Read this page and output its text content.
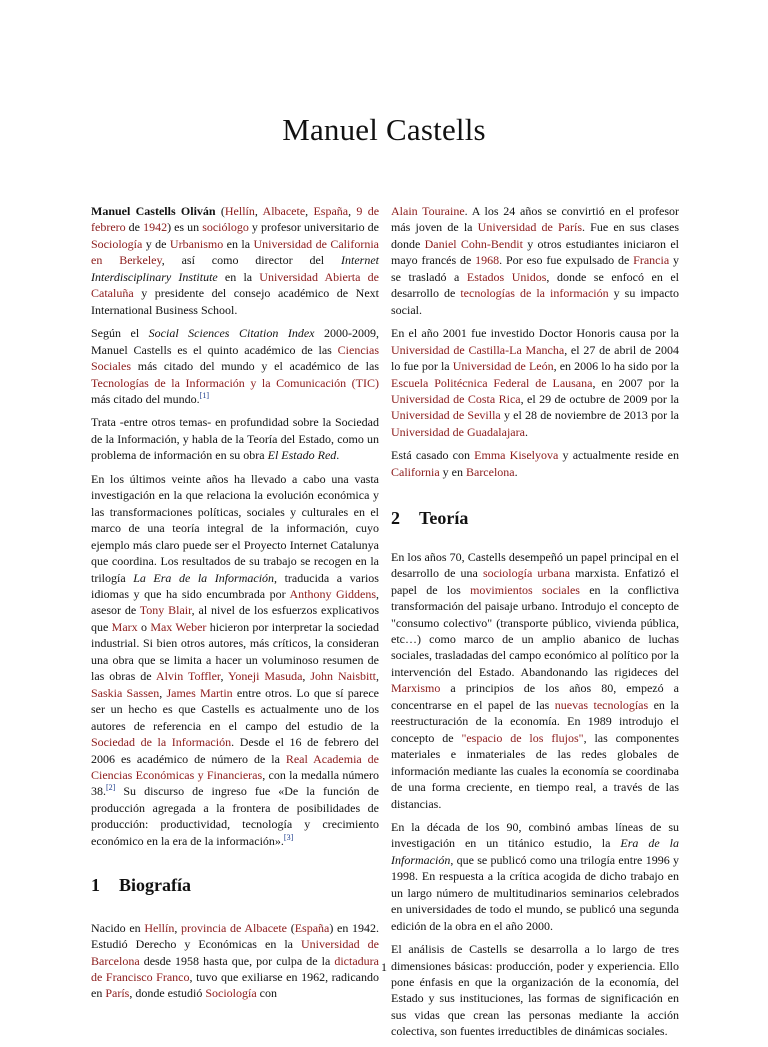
Manuel Castells

Manuel Castells Oliván (Hellín, Albacete, España, 9 de febrero de 1942) es un sociólogo y profesor universitario de Sociología y de Urbanismo en la Universidad de California en Berkeley, así como director del Internet Interdisciplinary Institute en la Universidad Abierta de Cataluña y presidente del consejo académico de Next International Business School.

Según el Social Sciences Citation Index 2000-2009, Manuel Castells es el quinto académico de las Ciencias Sociales más citado del mundo y el académico de las Tecnologías de la Información y la Comunicación (TIC) más citado del mundo.[1]

Trata -entre otros temas- en profundidad sobre la Sociedad de la Información, y habla de la Teoría del Estado, como un problema de información en su obra El Estado Red.

En los últimos veinte años ha llevado a cabo una vasta investigación en la que relaciona la evolución económica y las transformaciones políticas, sociales y culturales en el marco de una teoría integral de la información, cuyo ejemplo más claro puede ser el Proyecto Internet Catalunya que coordina. Los resultados de su trabajo se recogen en la trilogía La Era de la Información, traducida a varios idiomas y que ha sido encumbrada por Anthony Giddens, asesor de Tony Blair, al nivel de los esfuerzos explicativos que Marx o Max Weber hicieron por interpretar la sociedad industrial. Si bien otros autores, más críticos, la consideran una obra que se limita a hacer un voluminoso resumen de las obras de Alvin Toffler, Yoneji Masuda, John Naisbitt, Saskia Sassen, James Martin entre otros. Lo que sí parece ser un hecho es que Castells es actualmente uno de los autores de referencia en el campo del estudio de la Sociedad de la Información. Desde el 16 de febrero del 2006 es académico de número de la Real Academia de Ciencias Económicas y Financieras, con la medalla número 38.[2] Su discurso de ingreso fue «De la función de producción agregada a la frontera de posibilidades de producción: productividad, tecnología y crecimiento económico en la era de la información».[3]

1 Biografía

Nacido en Hellín, provincia de Albacete (España) en 1942. Estudió Derecho y Económicas en la Universidad de Barcelona desde 1958 hasta que, por culpa de la dictadura de Francisco Franco, tuvo que exiliarse en 1962, radicando en París, donde estudió Sociología con

Alain Touraine. A los 24 años se convirtió en el profesor más joven de la Universidad de París. Fue en sus clases donde Daniel Cohn-Bendit y otros estudiantes iniciaron el mayo francés de 1968. Por eso fue expulsado de Francia y se trasladó a Estados Unidos, donde se enfocó en el desarrollo de tecnologías de la información y su impacto social.

En el año 2001 fue investido Doctor Honoris causa por la Universidad de Castilla-La Mancha, el 27 de abril de 2004 lo fue por la Universidad de León, en 2006 lo ha sido por la Escuela Politécnica Federal de Lausana, en 2007 por la Universidad de Costa Rica, el 29 de octubre de 2009 por la Universidad de Sevilla y el 28 de noviembre de 2013 por la Universidad de Guadalajara.

Está casado con Emma Kiselyova y actualmente reside en California y en Barcelona.

2 Teoría

En los años 70, Castells desempeñó un papel principal en el desarrollo de una sociología urbana marxista. Enfatizó el papel de los movimientos sociales en la conflictiva transformación del paisaje urbano. Introdujo el concepto de "consumo colectivo" (transporte público, vivienda pública, etc…) como marco de un amplio abanico de luchas sociales, trasladadas del campo económico al político por la intervención del Estado. Abandonando las rigideces del Marxismo a principios de los años 80, empezó a concentrarse en el papel de las nuevas tecnologías en la reestructuración de la economía. En 1989 introdujo el concepto de "espacio de los flujos", las componentes materiales e inmateriales de las redes globales de información mediante las cuales la economía se coordinaba de una forma creciente, en tiempo real, a través de las distancias.

En la década de los 90, combinó ambas líneas de su investigación en un titánico estudio, la Era de la Información, que se publicó como una trilogía entre 1996 y 1998. En respuesta a la crítica acogida de dicho trabajo en un largo número de multitudinarios seminarios celebrados en universidades de todo el mundo, se publicó una segunda edición de la obra en el año 2000.

El análisis de Castells se desarrolla a lo largo de tres dimensiones básicas: producción, poder y experiencia. Ello pone énfasis en que la organización de la economía, del Estado y sus instituciones, las formas de significación en sus vidas que crean las personas mediante la acción colectiva, son fuentes irreductibles de dinámicas sociales.

1
